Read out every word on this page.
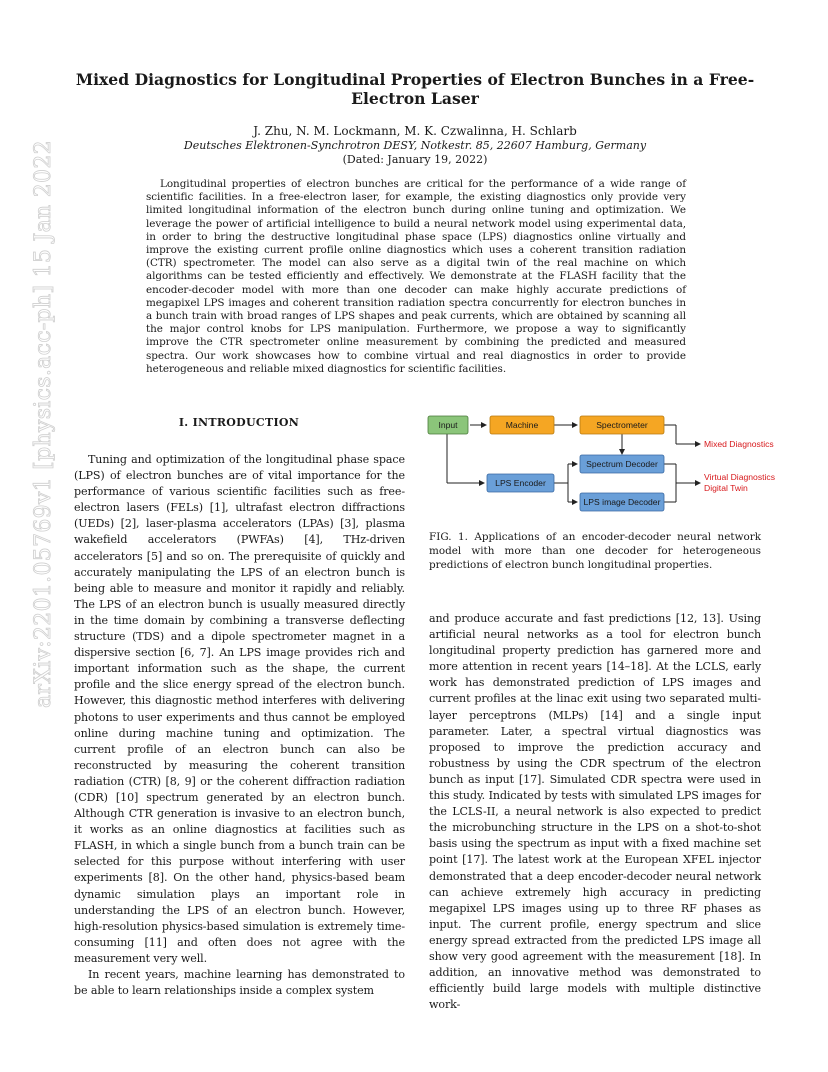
arXiv:2201.05769v1 [physics.acc-ph] 15 Jan 2022
Mixed Diagnostics for Longitudinal Properties of Electron Bunches in a Free-Electron Laser
J. Zhu, N. M. Lockmann, M. K. Czwalinna, H. Schlarb
Deutsches Elektronen-Synchrotron DESY, Notkestr. 85, 22607 Hamburg, Germany
(Dated: January 19, 2022)

Longitudinal properties of electron bunches are critical for the performance of a wide range of scientific facilities. In a free-electron laser, for example, the existing diagnostics only provide very limited longitudinal information of the electron bunch during online tuning and optimization. We leverage the power of artificial intelligence to build a neural network model using experimental data, in order to bring the destructive longitudinal phase space (LPS) diagnostics online virtually and improve the existing current profile online diagnostics which uses a coherent transition radiation (CTR) spectrometer. The model can also serve as a digital twin of the real machine on which algorithms can be tested efficiently and effectively. We demonstrate at the FLASH facility that the encoder-decoder model with more than one decoder can make highly accurate predictions of megapixel LPS images and coherent transition radiation spectra concurrently for electron bunches in a bunch train with broad ranges of LPS shapes and peak currents, which are obtained by scanning all the major control knobs for LPS manipulation. Furthermore, we propose a way to significantly improve the CTR spectrometer online measurement by combining the predicted and measured spectra. Our work showcases how to combine virtual and real diagnostics in order to provide heterogeneous and reliable mixed diagnostics for scientific facilities.

I. INTRODUCTION

Tuning and optimization of the longitudinal phase space (LPS) of electron bunches are of vital importance for the performance of various scientific facilities such as free-electron lasers (FELs) [1], ultrafast electron diffractions (UEDs) [2], laser-plasma accelerators (LPAs) [3], plasma wakefield accelerators (PWFAs) [4], THz-driven accelerators [5] and so on. The prerequisite of quickly and accurately manipulating the LPS of an electron bunch is being able to measure and monitor it rapidly and reliably. The LPS of an electron bunch is usually measured directly in the time domain by combining a transverse deflecting structure (TDS) and a dipole spectrometer magnet in a dispersive section [6, 7]. An LPS image provides rich and important information such as the shape, the current profile and the slice energy spread of the electron bunch. However, this diagnostic method interferes with delivering photons to user experiments and thus cannot be employed online during machine tuning and optimization. The current profile of an electron bunch can also be reconstructed by measuring the coherent transition radiation (CTR) [8, 9] or the coherent diffraction radiation (CDR) [10] spectrum generated by an electron bunch. Although CTR generation is invasive to an electron bunch, it works as an online diagnostics at facilities such as FLASH, in which a single bunch from a bunch train can be selected for this purpose without interfering with user experiments [8]. On the other hand, physics-based beam dynamic simulation plays an important role in understanding the LPS of an electron bunch. However, high-resolution physics-based simulation is extremely time-consuming [11] and often does not agree with the measurement very well.

In recent years, machine learning has demonstrated to be able to learn relationships inside a complex system

Input	Machine	Spectrometer
LPS Encoder
Spectrum Decoder
LPS image Decoder
Mixed Diagnostics
Virtual Diagnostics
Digital Twin
FIG. 1. Applications of an encoder-decoder neural network model with more than one decoder for heterogeneous predictions of electron bunch longitudinal properties.

and produce accurate and fast predictions [12, 13]. Using artificial neural networks as a tool for electron bunch longitudinal property prediction has garnered more and more attention in recent years [14–18]. At the LCLS, early work has demonstrated prediction of LPS images and current profiles at the linac exit using two separated multi-layer perceptrons (MLPs) [14] and a single input parameter. Later, a spectral virtual diagnostics was proposed to improve the prediction accuracy and robustness by using the CDR spectrum of the electron bunch as input [17]. Simulated CDR spectra were used in this study. Indicated by tests with simulated LPS images for the LCLS-II, a neural network is also expected to predict the microbunching structure in the LPS on a shot-to-shot basis using the spectrum as input with a fixed machine set point [17]. The latest work at the European XFEL injector demonstrated that a deep encoder-decoder neural network can achieve extremely high accuracy in predicting megapixel LPS images using up to three RF phases as input. The current profile, energy spectrum and slice energy spread extracted from the predicted LPS image all show very good agreement with the measurement [18]. In addition, an innovative method was demonstrated to efficiently build large models with multiple distinctive work-
